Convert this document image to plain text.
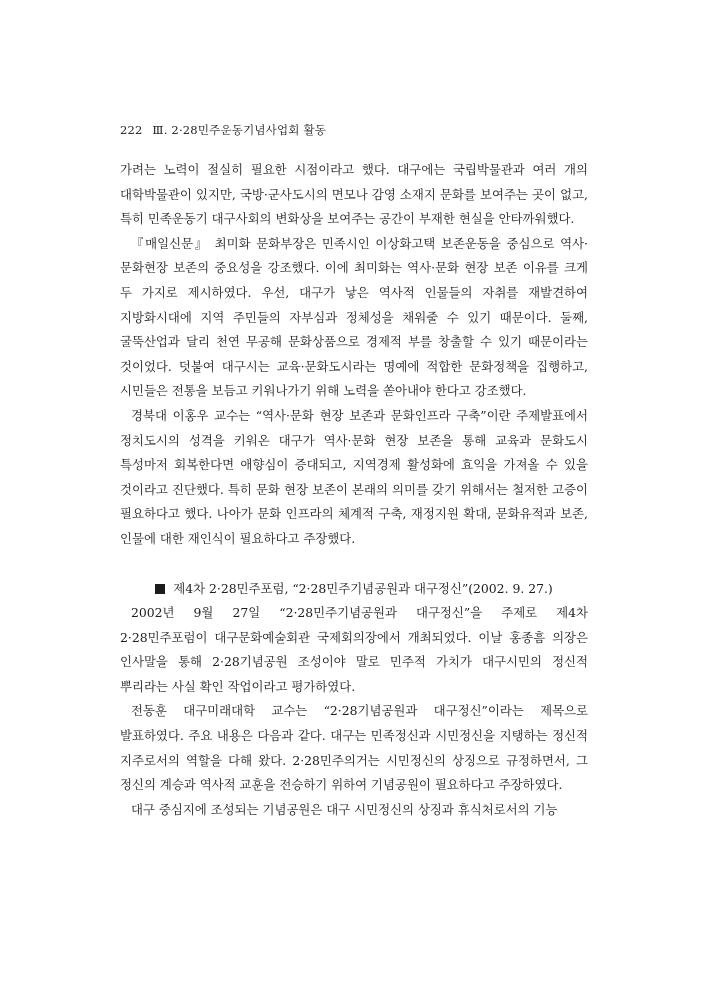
222 Ⅲ. 2·28민주운동기념사업회 활동

가려는 노력이 절실히 필요한 시점이라고 했다. 대구에는 국립박물관과 여러 개의 대학박물관이 있지만, 국방·군사도시의 면모나 감영 소재지 문화를 보여주는 곳이 없고, 특히 민족운동기 대구사회의 변화상을 보여주는 공간이 부재한 현실을 안타까워했다.

『매일신문』 최미화 문화부장은 민족시인 이상화고택 보존운동을 중심으로 역사·문화현장 보존의 중요성을 강조했다. 이에 최미화는 역사·문화 현장 보존 이유를 크게 두 가지로 제시하였다. 우선, 대구가 낳은 역사적 인물들의 자취를 재발견하여 지방화시대에 지역 주민들의 자부심과 정체성을 채워줄 수 있기 때문이다. 둘째, 굴뚝산업과 달리 천연 무공해 문화상품으로 경제적 부를 창출할 수 있기 때문이라는 것이었다. 덧붙여 대구시는 교육·문화도시라는 명예에 적합한 문화정책을 집행하고, 시민들은 전통을 보듬고 키워나가기 위해 노력을 쏟아내야 한다고 강조했다.

경북대 이홍우 교수는 “역사·문화 현장 보존과 문화인프라 구축”이란 주제발표에서 정치도시의 성격을 키워온 대구가 역사·문화 현장 보존을 통해 교육과 문화도시 특성마저 회복한다면 애향심이 증대되고, 지역경제 활성화에 효익을 가져올 수 있을 것이라고 진단했다. 특히 문화 현장 보존이 본래의 의미를 갖기 위해서는 철저한 고증이 필요하다고 했다. 나아가 문화 인프라의 체계적 구축, 재정지원 확대, 문화유적과 보존, 인물에 대한 재인식이 필요하다고 주장했다.

제4차 2·28민주포럼, “2·28민주기념공원과 대구정신”(2002. 9. 27.)

2002년 9월 27일 “2·28민주기념공원과 대구정신”을 주제로 제4차 2·28민주포럼이 대구문화예술회관 국제회의장에서 개최되었다. 이날 홍종흠 의장은 인사말을 통해 2·28기념공원 조성이야 말로 민주적 가치가 대구시민의 정신적 뿌리라는 사실 확인 작업이라고 평가하였다.

전동훈 대구미래대학 교수는 “2·28기념공원과 대구정신”이라는 제목으로 발표하였다. 주요 내용은 다음과 같다. 대구는 민족정신과 시민정신을 지탱하는 정신적 지주로서의 역할을 다해 왔다. 2·28민주의거는 시민정신의 상징으로 규정하면서, 그 정신의 계승과 역사적 교훈을 전승하기 위하여 기념공원이 필요하다고 주장하였다.

대구 중심지에 조성되는 기념공원은 대구 시민정신의 상징과 휴식처로서의 기능
